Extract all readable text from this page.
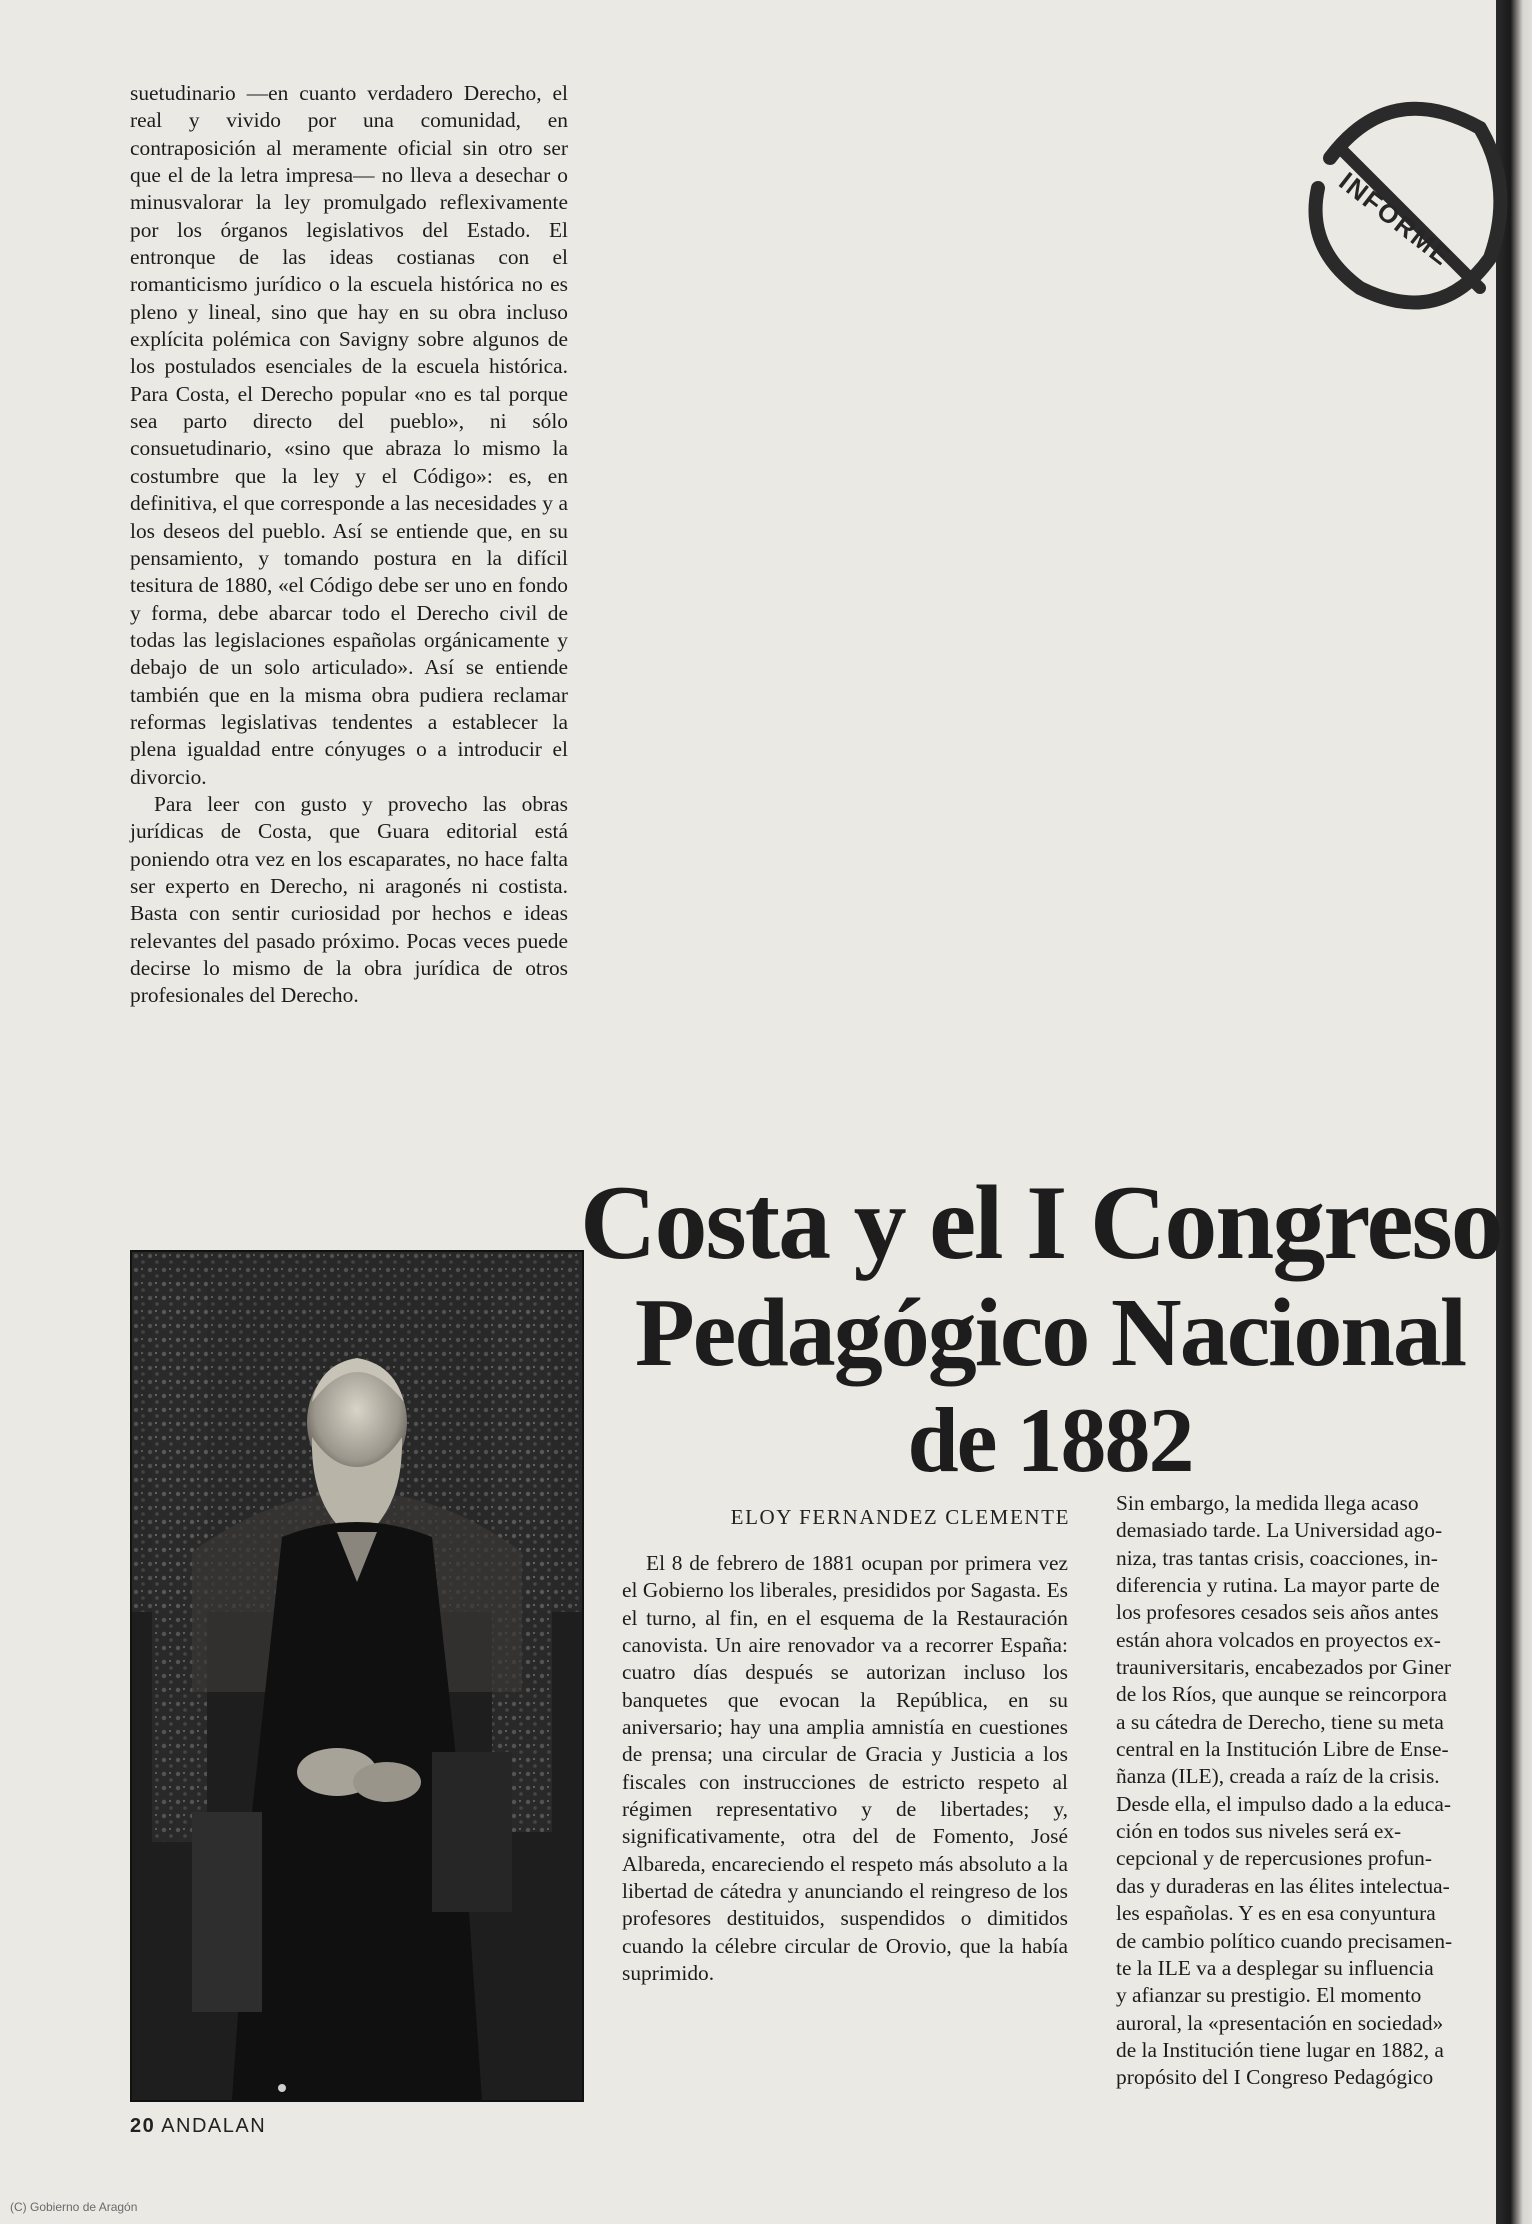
suetudinario —en cuanto verdadero Derecho, el real y vivido por una comunidad, en contraposición al meramente oficial sin otro ser que el de la letra impresa— no lleva a desechar o minusvalorar la ley promulgado reflexivamente por los órganos legislativos del Estado. El entronque de las ideas costianas con el romanticismo jurídico o la escuela histórica no es pleno y lineal, sino que hay en su obra incluso explícita polémica con Savigny sobre algunos de los postulados esenciales de la escuela histórica. Para Costa, el Derecho popular «no es tal porque sea parto directo del pueblo», ni sólo consuetudinario, «sino que abraza lo mismo la costumbre que la ley y el Código»: es, en definitiva, el que corresponde a las necesidades y a los deseos del pueblo. Así se entiende que, en su pensamiento, y tomando postura en la difícil tesitura de 1880, «el Código debe ser uno en fondo y forma, debe abarcar todo el Derecho civil de todas las legislaciones españolas orgánicamente y debajo de un solo articulado». Así se entiende también que en la misma obra pudiera reclamar reformas legislativas tendentes a establecer la plena igualdad entre cónyuges o a introducir el divorcio.

Para leer con gusto y provecho las obras jurídicas de Costa, que Guara editorial está poniendo otra vez en los escaparates, no hace falta ser experto en Derecho, ni aragonés ni costista. Basta con sentir curiosidad por hechos e ideas relevantes del pasado próximo. Pocas veces puede decirse lo mismo de la obra jurídica de otros profesionales del Derecho.

INFORME
Costa y el I Congreso
Pedagógico Nacional
de 1882
ELOY FERNANDEZ CLEMENTE

El 8 de febrero de 1881 ocupan por primera vez el Gobierno los liberales, presididos por Sagasta. Es el turno, al fin, en el esquema de la Restauración canovista. Un aire renovador va a recorrer España: cuatro días después se autorizan incluso los banquetes que evocan la República, en su aniversario; hay una amplia amnistía en cuestiones de prensa; una circular de Gracia y Justicia a los fiscales con instrucciones de estricto respeto al régimen representativo y de libertades; y, significativamente, otra del de Fomento, José Albareda, encareciendo el respeto más absoluto a la libertad de cátedra y anunciando el reingreso de los profesores destituidos, suspendidos o dimitidos cuando la célebre circular de Orovio, que la había suprimido.

Sin embargo, la medida llega acaso

demasiado tarde. La Universidad ago-

niza, tras tantas crisis, coacciones, in-

diferencia y rutina. La mayor parte de

los profesores cesados seis años antes

están ahora volcados en proyectos ex-

trauniversitaris, encabezados por Giner

de los Ríos, que aunque se reincorpora

a su cátedra de Derecho, tiene su meta

central en la Institución Libre de Ense-

ñanza (ILE), creada a raíz de la crisis.

Desde ella, el impulso dado a la educa-

ción en todos sus niveles será ex-

cepcional y de repercusiones profun-

das y duraderas en las élites intelectua-

les españolas. Y es en esa conyuntura

de cambio político cuando precisamen-

te la ILE va a desplegar su influencia

y afianzar su prestigio. El momento

auroral, la «presentación en sociedad»

de la Institución tiene lugar en 1882, a

propósito del I Congreso Pedagógico

20 ANDALAN
(C) Gobierno de Aragón
